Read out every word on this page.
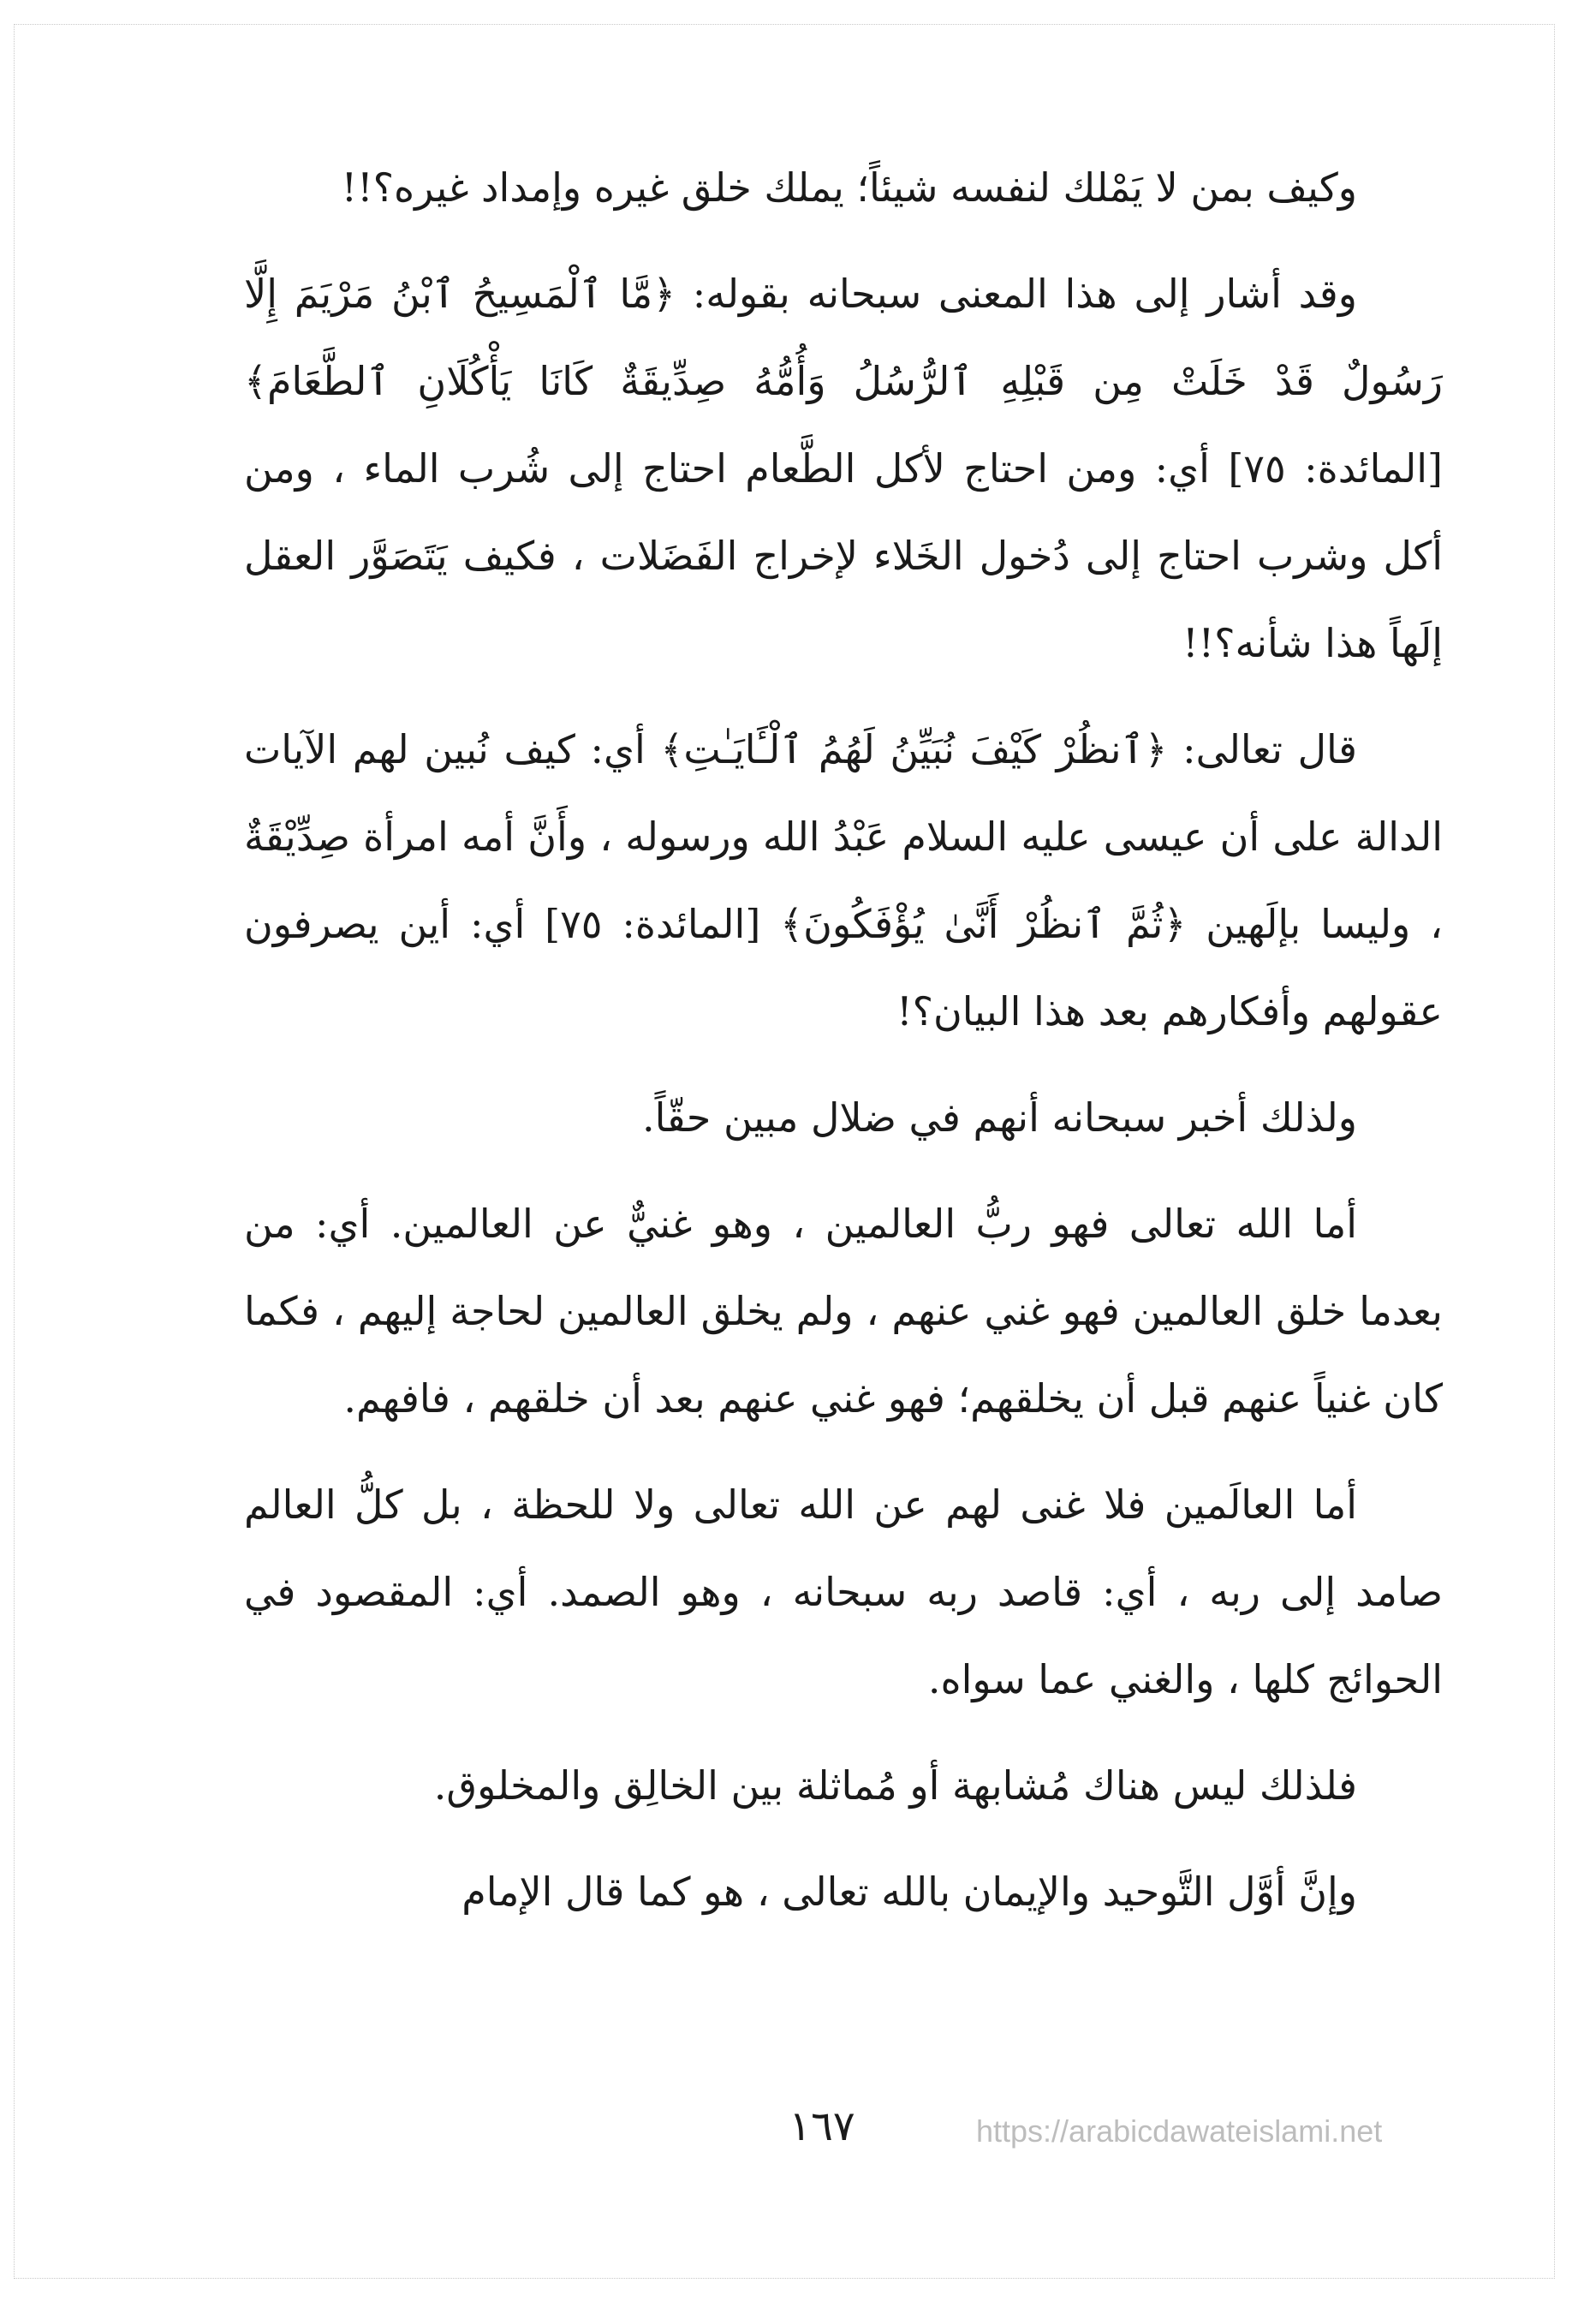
وكيف بمن لا يَمْلك لنفسه شيئاً؛ يملك خلق غيره وإمداد غيره؟!!

وقد أشار إلى هذا المعنى سبحانه بقوله: ﴿مَّا ٱلْمَسِيحُ ٱبْنُ مَرْيَمَ إِلَّا رَسُولٌ قَدْ خَلَتْ مِن قَبْلِهِ ٱلرُّسُلُ وَأُمُّهُ صِدِّيقَةٌ كَانَا يَأْكُلَانِ ٱلطَّعَامَ﴾ [المائدة: ٧٥] أي: ومن احتاج لأكل الطَّعام احتاج إلى شُرب الماء ، ومن أكل وشرب احتاج إلى دُخول الخَلاء لإخراج الفَضَلات ، فكيف يَتَصَوَّر العقل إلَهاً هذا شأنه؟!!

قال تعالى: ﴿ٱنظُرْ كَيْفَ نُبَيِّنُ لَهُمُ ٱلْـَٔايَـٰتِ﴾ أي: كيف نُبين لهم الآيات الدالة على أن عيسى عليه السلام عَبْدُ الله ورسوله ، وأَنَّ أمه امرأة صِدِّيْقَةٌ ، وليسا بإلَهين ﴿ثُمَّ ٱنظُرْ أَنَّىٰ يُؤْفَكُونَ﴾ [المائدة: ٧٥] أي: أين يصرفون عقولهم وأفكارهم بعد هذا البيان؟!

ولذلك أخبر سبحانه أنهم في ضلال مبين حقّاً.

أما الله تعالى فهو ربُّ العالمين ، وهو غنيٌّ عن العالمين. أي: من بعدما خلق العالمين فهو غني عنهم ، ولم يخلق العالمين لحاجة إليهم ، فكما كان غنياً عنهم قبل أن يخلقهم؛ فهو غني عنهم بعد أن خلقهم ، فافهم.

أما العالَمين فلا غنى لهم عن الله تعالى ولا للحظة ، بل كلُّ العالم صامد إلى ربه ، أي: قاصد ربه سبحانه ، وهو الصمد. أي: المقصود في الحوائج كلها ، والغني عما سواه.

فلذلك ليس هناك مُشابهة أو مُماثلة بين الخالِق والمخلوق.

وإنَّ أوَّل التَّوحيد والإيمان بالله تعالى ، هو كما قال الإمام

١٦٧	https://arabicdawateislami.net
